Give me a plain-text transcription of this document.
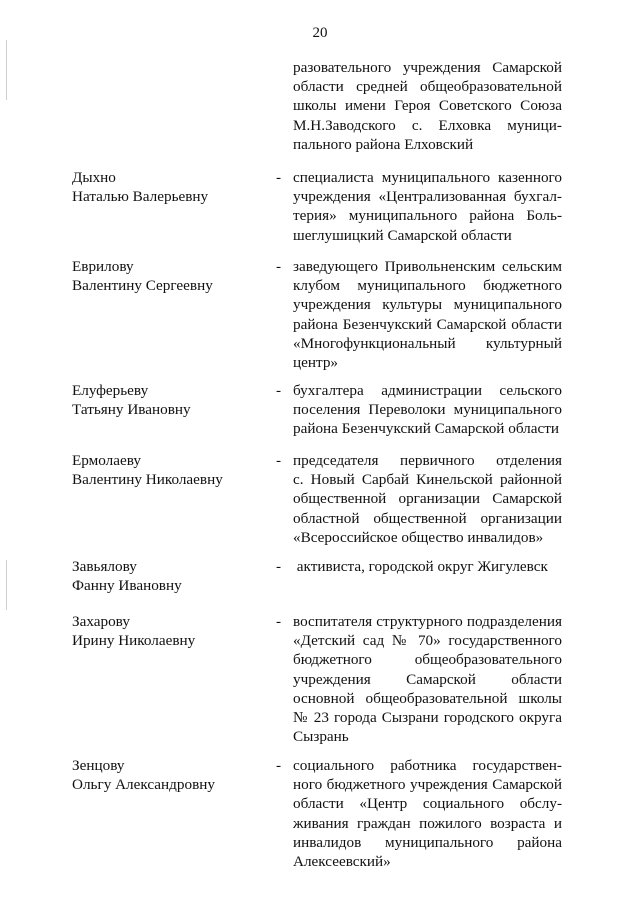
20
разовательного учреждения Самарской
области средней общеобразовательной
школы имени Героя Советского Союза
М.Н.Заводского с. Елховка муници-
пального района Елховский
Дыхно
Наталью Валерьевну
- специалиста муниципального казенного
учреждения «Централизованная бухгал-
терия» муниципального района Боль-
шеглушицкий Самарской области
Еврилову
Валентину Сергеевну
- заведующего Привольненским сельским
клубом муниципального бюджетного
учреждения культуры муниципального
района Безенчукский Самарской области
«Многофункциональный культурный
центр»
Елуферьеву
Татьяну Ивановну
- бухгалтера администрации сельского
поселения Переволоки муниципального
района Безенчукский Самарской области
Ермолаеву
Валентину Николаевну
- председателя первичного отделения
с. Новый Сарбай Кинельской районной
общественной организации Самарской
областной общественной организации
«Всероссийское общество инвалидов»
Завьялову
Фанну Ивановну
- активиста, городской округ Жигулевск
Захарову
Ирину Николаевну
- воспитателя структурного подразделения
«Детский сад № 70» государственного
бюджетного общеобразовательного
учреждения Самарской области
основной общеобразовательной школы
№ 23 города Сызрани городского округа
Сызрань
Зенцову
Ольгу Александровну
- социального работника государствен-
ного бюджетного учреждения Самарской
области «Центр социального обслу-
живания граждан пожилого возраста и
инвалидов муниципального района
Алексеевский»
